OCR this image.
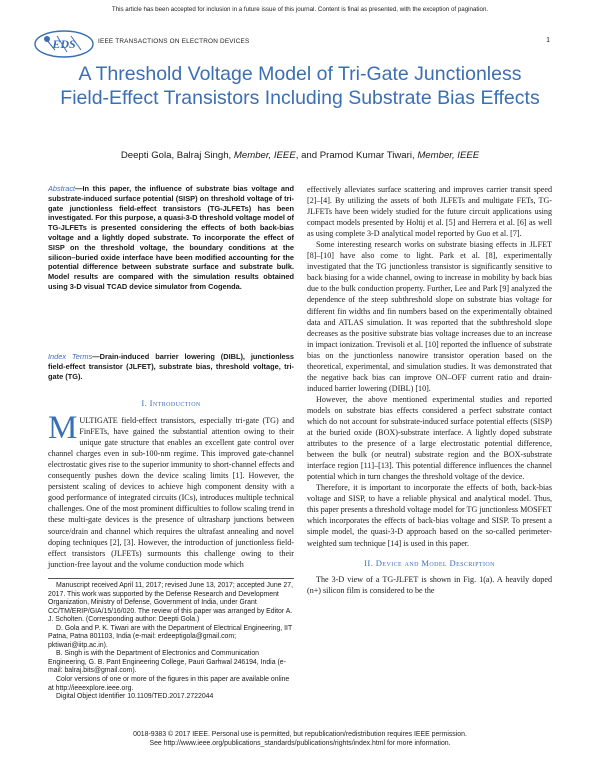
This article has been accepted for inclusion in a future issue of this journal. Content is final as presented, with the exception of pagination.
EDS	IEEE TRANSACTIONS ON ELECTRON DEVICES	1
A Threshold Voltage Model of Tri-Gate Junctionless Field-Effect Transistors Including Substrate Bias Effects
Deepti Gola, Balraj Singh, Member, IEEE, and Pramod Kumar Tiwari, Member, IEEE
Abstract—In this paper, the influence of substrate bias voltage and substrate-induced surface potential (SISP) on threshold voltage of tri-gate junctionless field-effect transistors (TG-JLFETs) has been investigated. For this purpose, a quasi-3-D threshold voltage model of TG-JLFETs is presented considering the effects of both back-bias voltage and a lightly doped substrate. To incorporate the effect of SISP on the threshold voltage, the boundary conditions at the silicon–buried oxide interface have been modified accounting for the potential difference between substrate surface and substrate bulk. Model results are compared with the simulation results obtained using 3-D visual TCAD device simulator from Cogenda.
Index Terms—Drain-induced barrier lowering (DIBL), junctionless field-effect transistor (JLFET), substrate bias, threshold voltage, tri-gate (TG).
I. Introduction

MULTIGATE field-effect transistors, especially tri-gate (TG) and FinFETs, have gained the substantial attention owing to their unique gate structure that enables an excellent gate control over channel charges even in sub-100-nm regime. This improved gate-channel electrostatic gives rise to the superior immunity to short-channel effects and consequently pushes down the device scaling limits [1]. However, the persistent scaling of devices to achieve high component density with a good performance of integrated circuits (ICs), introduces multiple technical challenges. One of the most prominent difficulties to follow scaling trend in these multi-gate devices is the presence of ultrasharp junctions between source/drain and channel which requires the ultrafast annealing and novel doping techniques [2], [3]. However, the introduction of junctionless field-effect transistors (JLFETs) surmounts this challenge owing to their junction-free layout and the volume conduction mode which

Manuscript received April 11, 2017; revised June 13, 2017; accepted June 27, 2017. This work was supported by the Defense Research and Development Organization, Ministry of Defense, Government of India, under Grant CC/TM/ERIP/GIA/15/16/020. The review of this paper was arranged by Editor A. J. Scholten. (Corresponding author: Deepti Gola.)

D. Gola and P. K. Tiwari are with the Department of Electrical Engineering, IIT Patna, Patna 801103, India (e-mail: erdeeptigola@gmail.com; pktiwari@iitp.ac.in).

B. Singh is with the Department of Electronics and Communication Engineering, G. B. Pant Engineering College, Pauri Garhwal 246194, India (e-mail: balraj.bits@gmail.com).

Color versions of one or more of the figures in this paper are available online at http://ieeexplore.ieee.org.

Digital Object Identifier 10.1109/TED.2017.2722044

effectively alleviates surface scattering and improves carrier transit speed [2]–[4]. By utilizing the assets of both JLFETs and multigate FETs, TG-JLFETs have been widely studied for the future circuit applications using compact models presented by Holtij et al. [5] and Herrera et al. [6] as well as using complete 3-D analytical model reported by Guo et al. [7].

Some interesting research works on substrate biasing effects in JLFET [8]–[10] have also come to light. Park et al. [8], experimentally investigated that the TG junctionless transistor is significantly sensitive to back biasing for a wide channel, owing to increase in mobility by back bias due to the bulk conduction property. Further, Lee and Park [9] analyzed the dependence of the steep subthreshold slope on substrate bias voltage for different fin widths and fin numbers based on the experimentally obtained data and ATLAS simulation. It was reported that the subthreshold slope decreases as the positive substrate bias voltage increases due to an increase in impact ionization. Trevisoli et al. [10] reported the influence of substrate bias on the junctionless nanowire transistor operation based on the theoretical, experimental, and simulation studies. It was demonstrated that the negative back bias can improve ON–OFF current ratio and drain-induced barrier lowering (DIBL) [10].

However, the above mentioned experimental studies and reported models on substrate bias effects considered a perfect substrate contact which do not account for substrate-induced surface potential effects (SISP) at the buried oxide (BOX)-substrate interface. A lightly doped substrate attributes to the presence of a large electrostatic potential difference, between the bulk (or neutral) substrate region and the BOX-substrate interface region [11]–[13]. This potential difference influences the channel potential which in turn changes the threshold voltage of the device.

Therefore, it is important to incorporate the effects of both, back-bias voltage and SISP, to have a reliable physical and analytical model. Thus, this paper presents a threshold voltage model for TG junctionless MOSFET which incorporates the effects of back-bias voltage and SISP. To present a simple model, the quasi-3-D approach based on the so-called perimeter-weighted sum technique [14] is used in this paper.

II. Device and Model Description

The 3-D view of a TG-JLFET is shown in Fig. 1(a). A heavily doped (n+) silicon film is considered to be the

0018-9383 © 2017 IEEE. Personal use is permitted, but republication/redistribution requires IEEE permission.
See http://www.ieee.org/publications_standards/publications/rights/index.html for more information.
